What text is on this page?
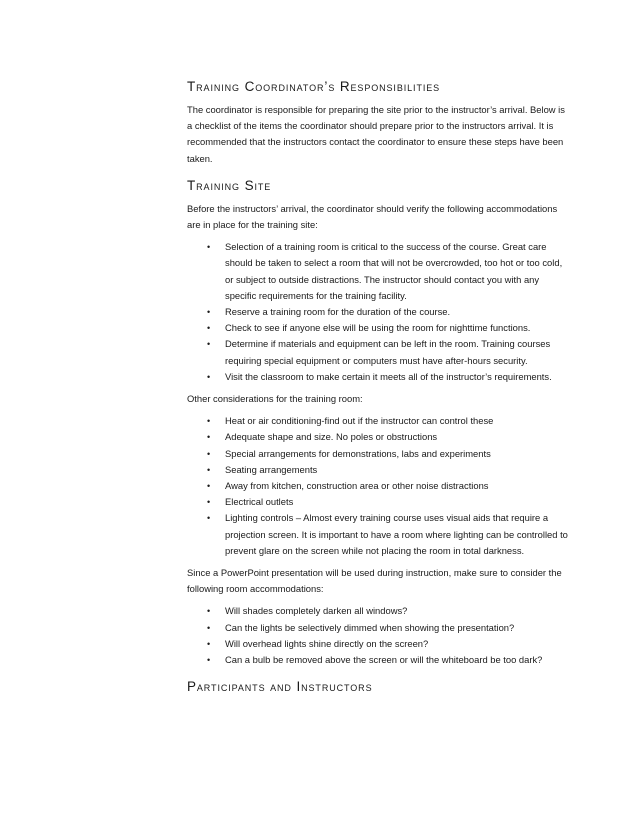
Training Coordinator’s Responsibilities
The coordinator is responsible for preparing the site prior to the instructor’s arrival. Below is a checklist of the items the coordinator should prepare prior to the instructors arrival. It is recommended that the instructors contact the coordinator to ensure these steps have been taken.
Training Site
Before the instructors’ arrival, the coordinator should verify the following accommodations are in place for the training site:
• Selection of a training room is critical to the success of the course. Great care should be taken to select a room that will not be overcrowded, too hot or too cold, or subject to outside distractions. The instructor should contact you with any specific requirements for the training facility.
• Reserve a training room for the duration of the course.
• Check to see if anyone else will be using the room for nighttime functions.
• Determine if materials and equipment can be left in the room. Training courses requiring special equipment or computers must have after-hours security.
• Visit the classroom to make certain it meets all of the instructor’s requirements.
Other considerations for the training room:
• Heat or air conditioning-find out if the instructor can control these
• Adequate shape and size. No poles or obstructions
• Special arrangements for demonstrations, labs and experiments
• Seating arrangements
• Away from kitchen, construction area or other noise distractions
• Electrical outlets
• Lighting controls – Almost every training course uses visual aids that require a projection screen. It is important to have a room where lighting can be controlled to prevent glare on the screen while not placing the room in total darkness.
Since a PowerPoint presentation will be used during instruction, make sure to consider the following room accommodations:
• Will shades completely darken all windows?
• Can the lights be selectively dimmed when showing the presentation?
• Will overhead lights shine directly on the screen?
• Can a bulb be removed above the screen or will the whiteboard be too dark?
Participants and Instructors
